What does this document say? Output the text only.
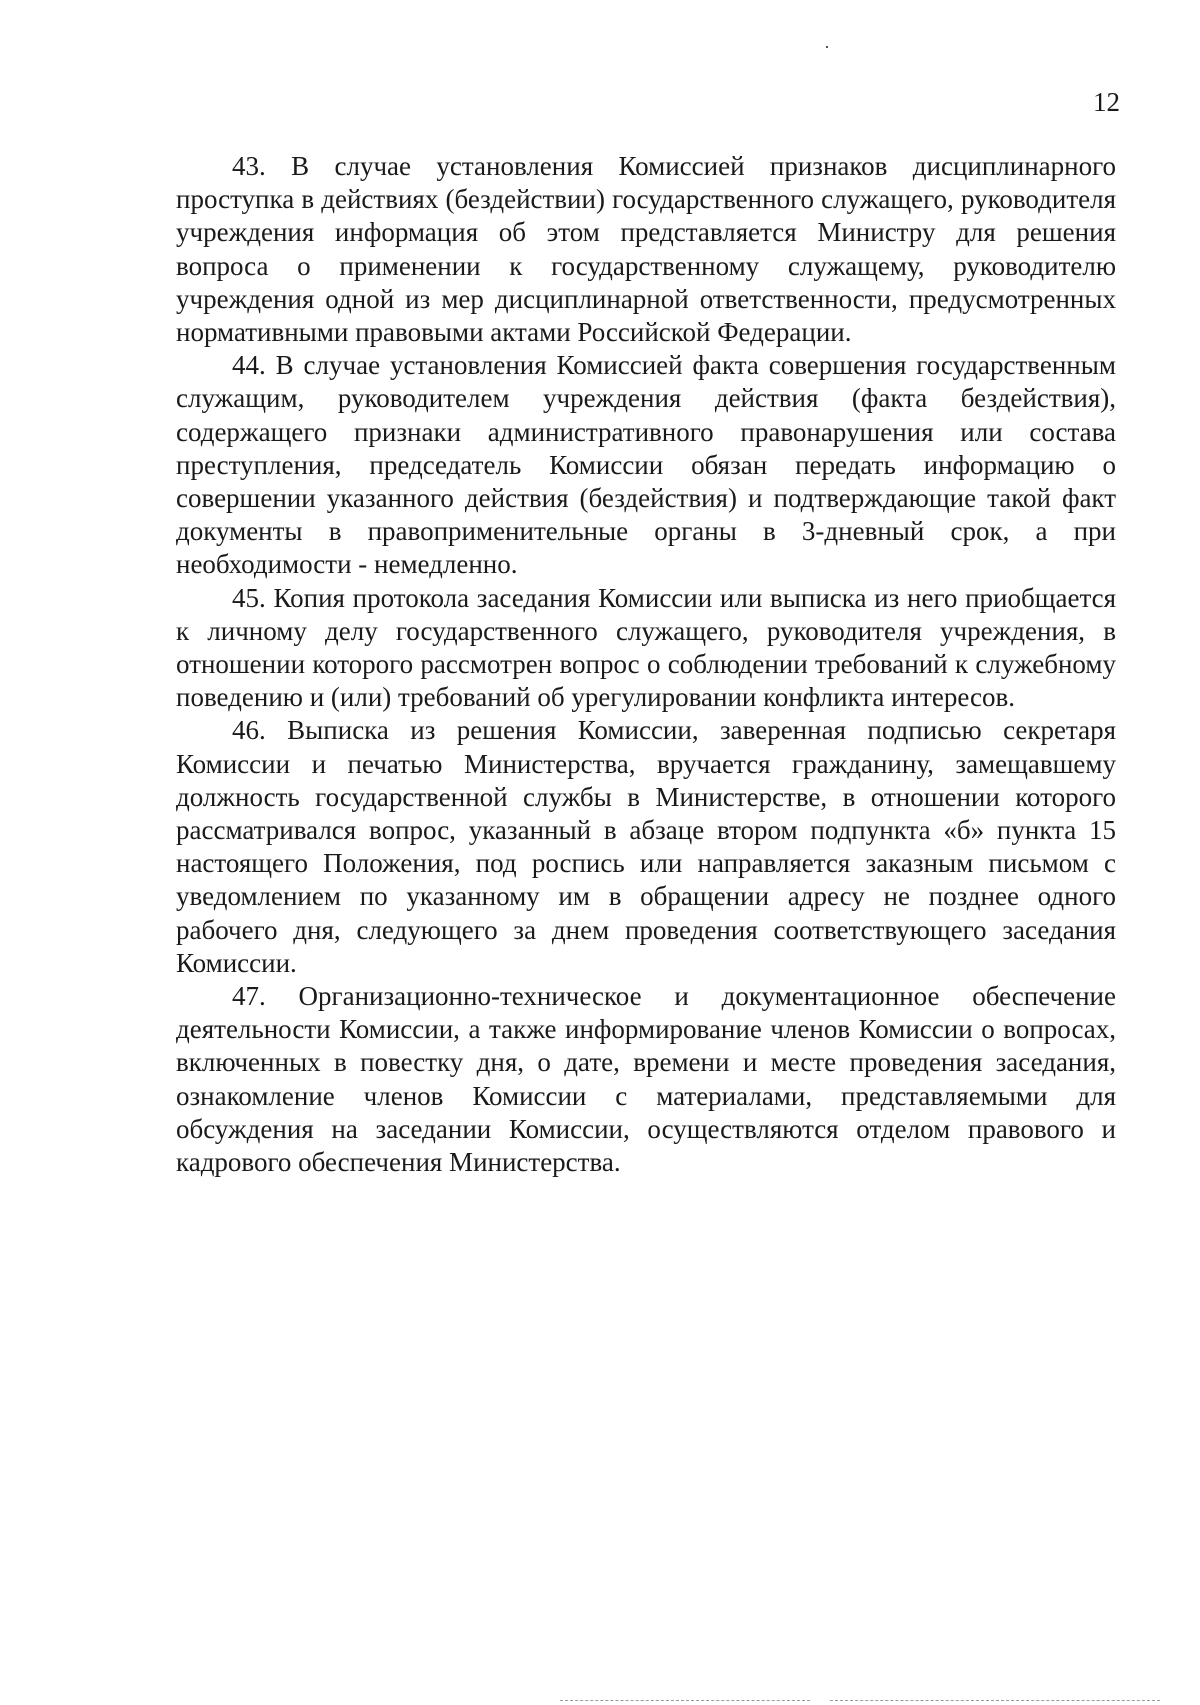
12

43. В случае установления Комиссией признаков дисциплинарного проступка в действиях (бездействии) государственного служащего, руководителя учреждения информация об этом представляется Министру для решения вопроса о применении к государственному служащему, руководителю учреждения одной из мер дисциплинарной ответственности, предусмотренных нормативными правовыми актами Российской Федерации.

44. В случае установления Комиссией факта совершения государственным служащим, руководителем учреждения действия (факта бездействия), содержащего признаки административного правонарушения или состава преступления, председатель Комиссии обязан передать информацию о совершении указанного действия (бездействия) и подтверждающие такой факт документы в правоприменительные органы в 3-дневный срок, а при необходимости - немедленно.

45. Копия протокола заседания Комиссии или выписка из него приобщается к личному делу государственного служащего, руководителя учреждения, в отношении которого рассмотрен вопрос о соблюдении требований к служебному поведению и (или) требований об урегулировании конфликта интересов.

46. Выписка из решения Комиссии, заверенная подписью секретаря Комиссии и печатью Министерства, вручается гражданину, замещавшему должность государственной службы в Министерстве, в отношении которого рассматривался вопрос, указанный в абзаце втором подпункта «б» пункта 15 настоящего Положения, под роспись или направляется заказным письмом с уведомлением по указанному им в обращении адресу не позднее одного рабочего дня, следующего за днем проведения соответствующего заседания Комиссии.

47. Организационно-техническое и документационное обеспечение деятельности Комиссии, а также информирование членов Комиссии о вопросах, включенных в повестку дня, о дате, времени и месте проведения заседания, ознакомление членов Комиссии с материалами, представляемыми для обсуждения на заседании Комиссии, осуществляются отделом правового и кадрового обеспечения Министерства.
